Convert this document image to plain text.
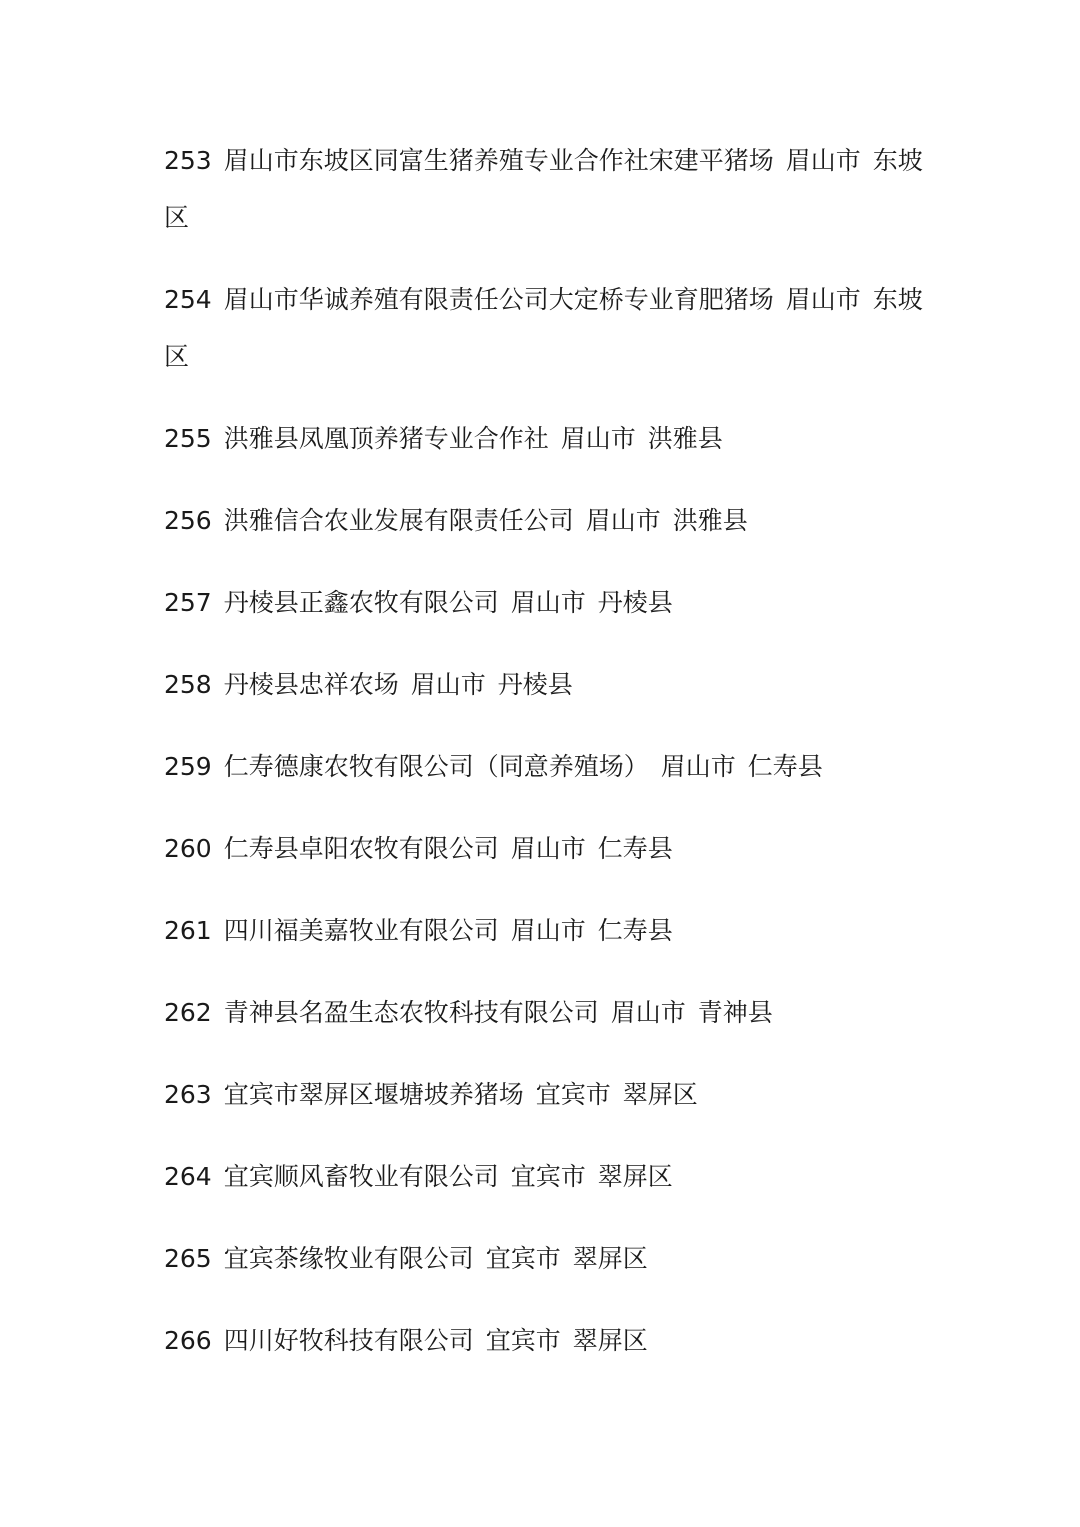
253 眉山市东坡区同富生猪养殖专业合作社宋建平猪场 眉山市 东坡区
254 眉山市华诚养殖有限责任公司大定桥专业育肥猪场 眉山市 东坡区
255 洪雅县凤凰顶养猪专业合作社 眉山市 洪雅县
256 洪雅信合农业发展有限责任公司 眉山市 洪雅县
257 丹棱县正鑫农牧有限公司 眉山市 丹棱县
258 丹棱县忠祥农场 眉山市 丹棱县
259 仁寿德康农牧有限公司（同意养殖场） 眉山市 仁寿县
260 仁寿县卓阳农牧有限公司 眉山市 仁寿县
261 四川福美嘉牧业有限公司 眉山市 仁寿县
262 青神县名盈生态农牧科技有限公司 眉山市 青神县
263 宜宾市翠屏区堰塘坡养猪场 宜宾市 翠屏区
264 宜宾顺风畜牧业有限公司 宜宾市 翠屏区
265 宜宾茶缘牧业有限公司 宜宾市 翠屏区
266 四川好牧科技有限公司 宜宾市 翠屏区
